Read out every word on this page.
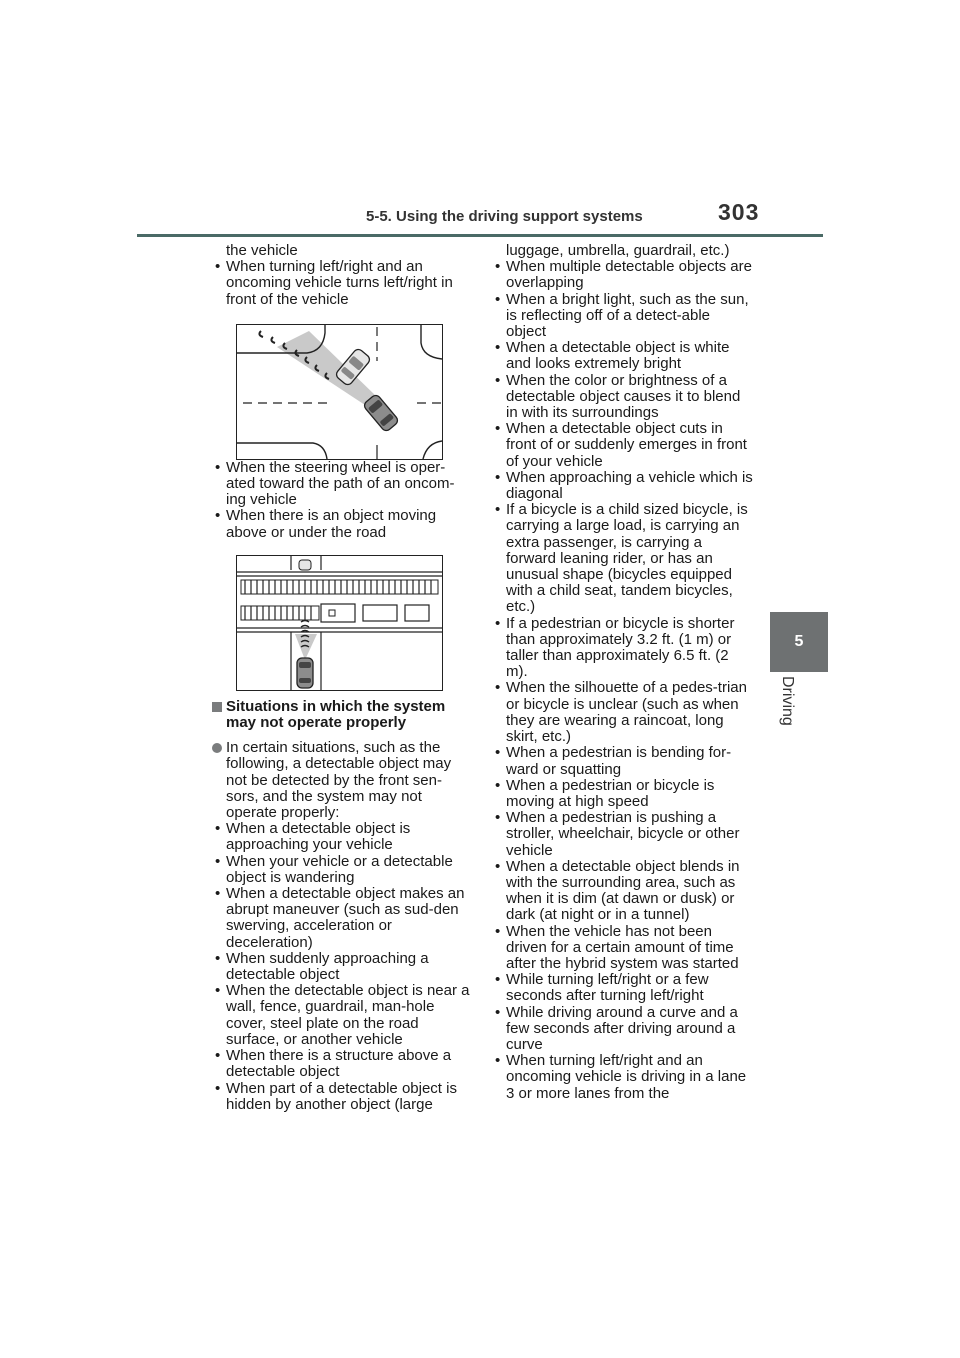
5-5. Using the driving support systems	303
5
Driving
the vehicle
• When turning left/right and an oncoming vehicle turns left/right in front of the vehicle
• When the steering wheel is oper-ated toward the path of an oncom-ing vehicle
• When there is an object moving above or under the road
Situations in which the system may not operate properly
In certain situations, such as the following, a detectable object may not be detected by the front sen-sors, and the system may not operate properly:
• When a detectable object is approaching your vehicle
• When your vehicle or a detectable object is wandering
• When a detectable object makes an abrupt maneuver (such as sud-den swerving, acceleration or deceleration)
• When suddenly approaching a detectable object
• When the detectable object is near a wall, fence, guardrail, man-hole cover, steel plate on the road surface, or another vehicle
• When there is a structure above a detectable object
• When part of a detectable object is hidden by another object (large
luggage, umbrella, guardrail, etc.)
• When multiple detectable objects are overlapping
• When a bright light, such as the sun, is reflecting off of a detect-able object
• When a detectable object is white and looks extremely bright
• When the color or brightness of a detectable object causes it to blend in with its surroundings
• When a detectable object cuts in front of or suddenly emerges in front of your vehicle
• When approaching a vehicle which is diagonal
• If a bicycle is a child sized bicycle, is carrying a large load, is carrying an extra passenger, is carrying a forward leaning rider, or has an unusual shape (bicycles equipped with a child seat, tandem bicycles, etc.)
• If a pedestrian or bicycle is shorter than approximately 3.2 ft. (1 m) or taller than approximately 6.5 ft. (2 m).
• When the silhouette of a pedes-trian or bicycle is unclear (such as when they are wearing a raincoat, long skirt, etc.)
• When a pedestrian is bending for-ward or squatting
• When a pedestrian or bicycle is moving at high speed
• When a pedestrian is pushing a stroller, wheelchair, bicycle or other vehicle
• When a detectable object blends in with the surrounding area, such as when it is dim (at dawn or dusk) or dark (at night or in a tunnel)
• When the vehicle has not been driven for a certain amount of time after the hybrid system was started
• While turning left/right or a few seconds after turning left/right
• While driving around a curve and a few seconds after driving around a curve
• When turning left/right and an oncoming vehicle is driving in a lane 3 or more lanes from the
